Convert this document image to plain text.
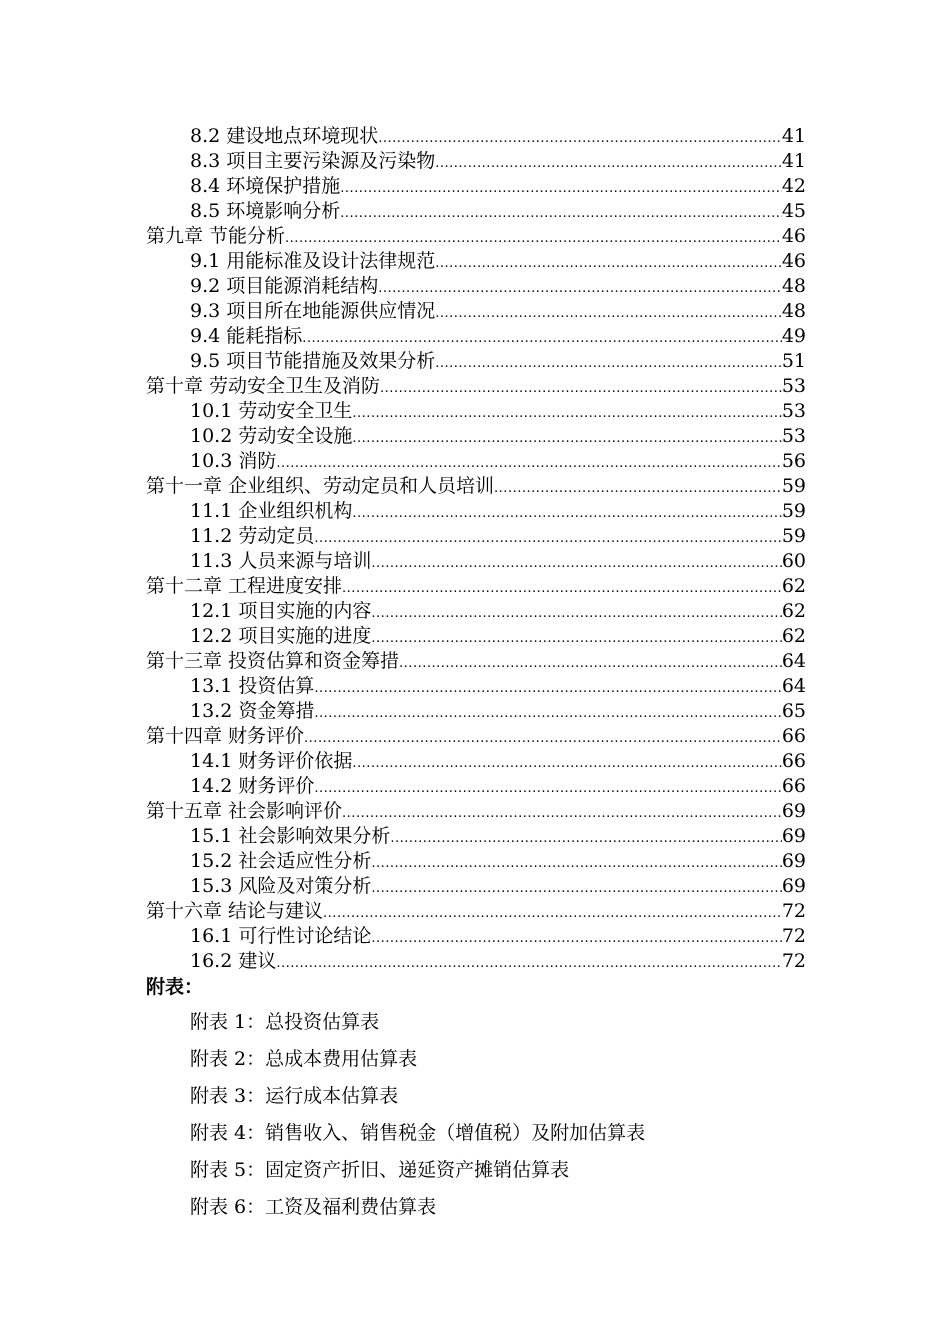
8.2 建设地点环境现状 .....	41
8.3 项目主要污染源及污染物 .....	41
8.4 环境保护措施 .....	42
8.5 环境影响分析 .....	45
第九章 节能分析 .....	46
9.1 用能标准及设计法律规范 .....	46
9.2 项目能源消耗结构 .....	48
9.3 项目所在地能源供应情况 .....	48
9.4 能耗指标 .....	49
9.5 项目节能措施及效果分析 .....	51
第十章 劳动安全卫生及消防 .....	53
10.1 劳动安全卫生 .....	53
10.2 劳动安全设施 .....	53
10.3 消防 .....	56
第十一章 企业组织、劳动定员和人员培训 .....	59
11.1 企业组织机构 .....	59
11.2 劳动定员 .....	59
11.3 人员来源与培训 .....	60
第十二章 工程进度安排 .....	62
12.1 项目实施的内容 .....	62
12.2 项目实施的进度 .....	62
第十三章 投资估算和资金筹措 .....	64
13.1 投资估算 .....	64
13.2 资金筹措 .....	65
第十四章 财务评价 .....	66
14.1 财务评价依据 .....	66
14.2 财务评价 .....	66
第十五章 社会影响评价 .....	69
15.1 社会影响效果分析 .....	69
15.2 社会适应性分析 .....	69
15.3 风险及对策分析 .....	69
第十六章 结论与建议 .....	72
16.1 可行性讨论结论 .....	72
16.2 建议 .....	72
附表：
附表 1：总投资估算表
附表 2：总成本费用估算表
附表 3：运行成本估算表
附表 4：销售收入、销售税金（增值税）及附加估算表
附表 5：固定资产折旧、递延资产摊销估算表
附表 6：工资及福利费估算表
